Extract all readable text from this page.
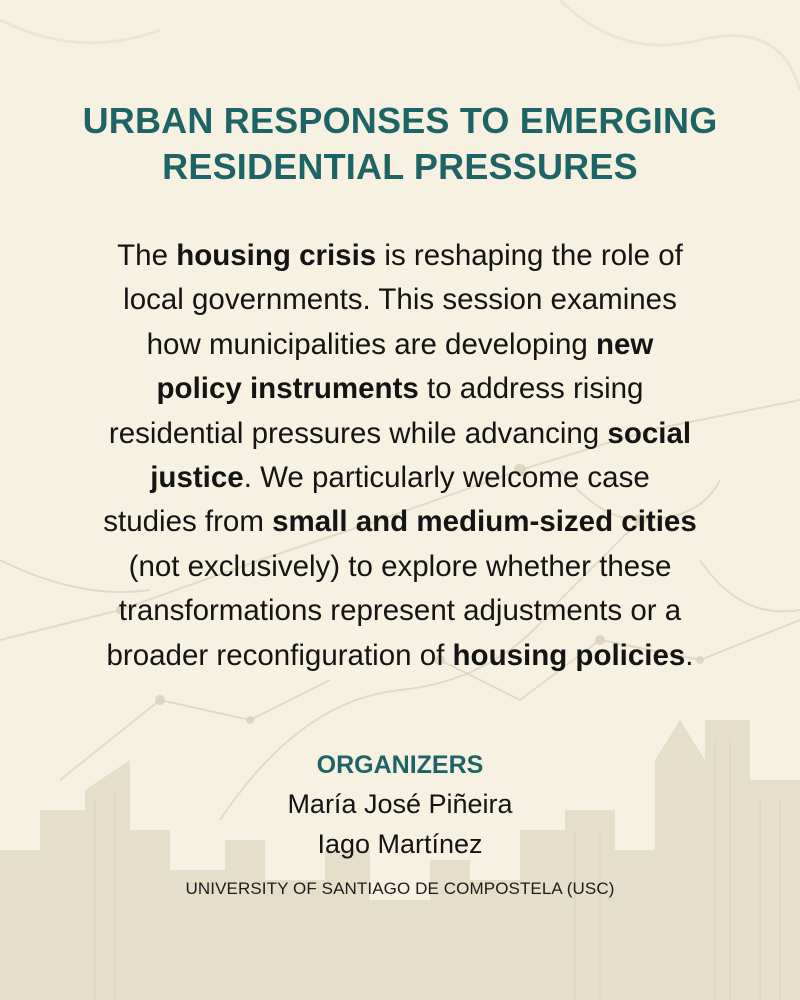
URBAN RESPONSES TO EMERGING
RESIDENTIAL PRESSURES
The housing crisis is reshaping the role of
local governments. This session examines
how municipalities are developing new
policy instruments to address rising
residential pressures while advancing social
justice. We particularly welcome case
studies from small and medium-sized cities
(not exclusively) to explore whether these
transformations represent adjustments or a
broader reconfiguration of housing policies.
ORGANIZERS
María José Piñeira
Iago Martínez
UNIVERSITY OF SANTIAGO DE COMPOSTELA (USC)
